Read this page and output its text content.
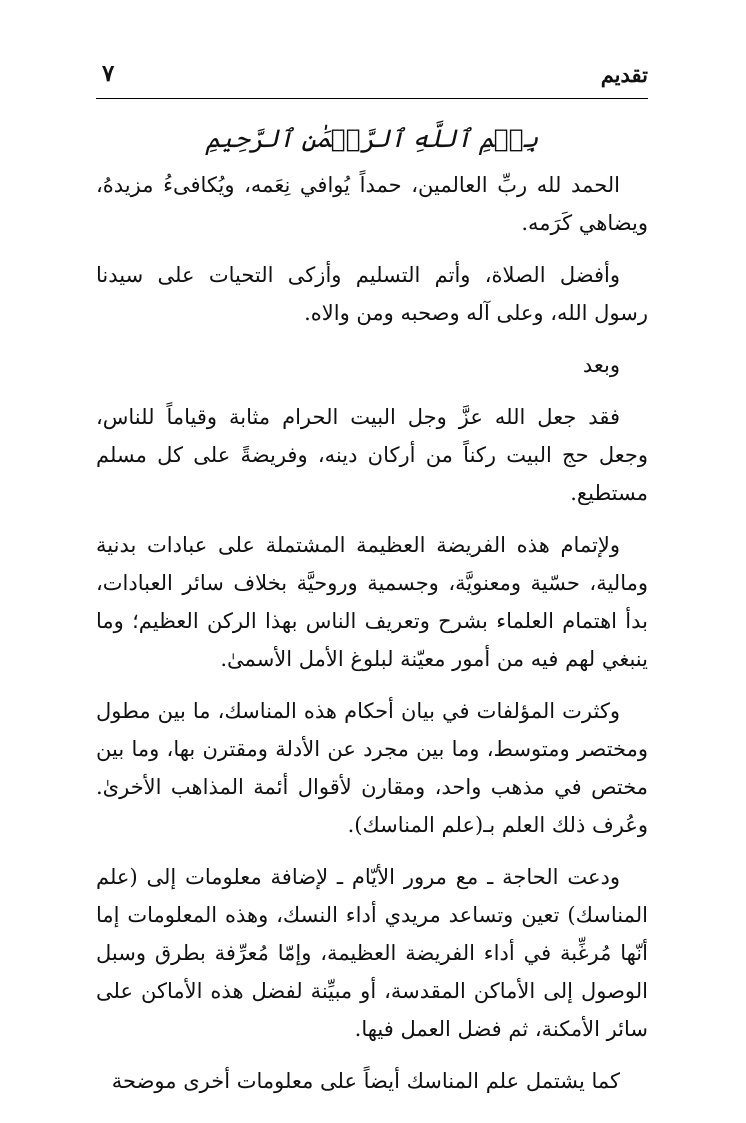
تقديم
٧
بِسۡمِ ٱللَّهِ ٱلرَّحۡمَٰنِ ٱلرَّحِيمِ

الحمد لله ربِّ العالمين، حمداً يُوافي نِعَمه، ويُكافىءُ مزيدهُ، ويضاهي كَرَمه.

وأفضل الصلاة، وأتم التسليم وأزكى التحيات على سيدنا رسول الله، وعلى آله وصحبه ومن والاه.

وبعد

فقد جعل الله عزَّ وجل البيت الحرام مثابة وقياماً للناس، وجعل حج البيت ركناً من أركان دينه، وفريضةً على كل مسلم مستطيع.

ولإتمام هذه الفريضة العظيمة المشتملة على عبادات بدنية ومالية، حسّية ومعنويَّة، وجسمية وروحيَّة بخلاف سائر العبادات، بدأ اهتمام العلماء بشرح وتعريف الناس بهذا الركن العظيم؛ وما ينبغي لهم فيه من أمور معيّنة لبلوغ الأمل الأسمىٰ.

وكثرت المؤلفات في بيان أحكام هذه المناسك، ما بين مطول ومختصر ومتوسط، وما بين مجرد عن الأدلة ومقترن بها، وما بين مختص في مذهب واحد، ومقارن لأقوال أئمة المذاهب الأخرىٰ. وعُرف ذلك العلم بـ(علم المناسك).

ودعت الحاجة ـ مع مرور الأيّام ـ لإضافة معلومات إلى (علم المناسك) تعين وتساعد مريدي أداء النسك، وهذه المعلومات إما أنّها مُرغِّبة في أداء الفريضة العظيمة، وإمّا مُعرِّفة بطرق وسبل الوصول إلى الأماكن المقدسة، أو مبيِّنة لفضل هذه الأماكن على سائر الأمكنة، ثم فضل العمل فيها.

كما يشتمل علم المناسك أيضاً على معلومات أخرى موضحة
